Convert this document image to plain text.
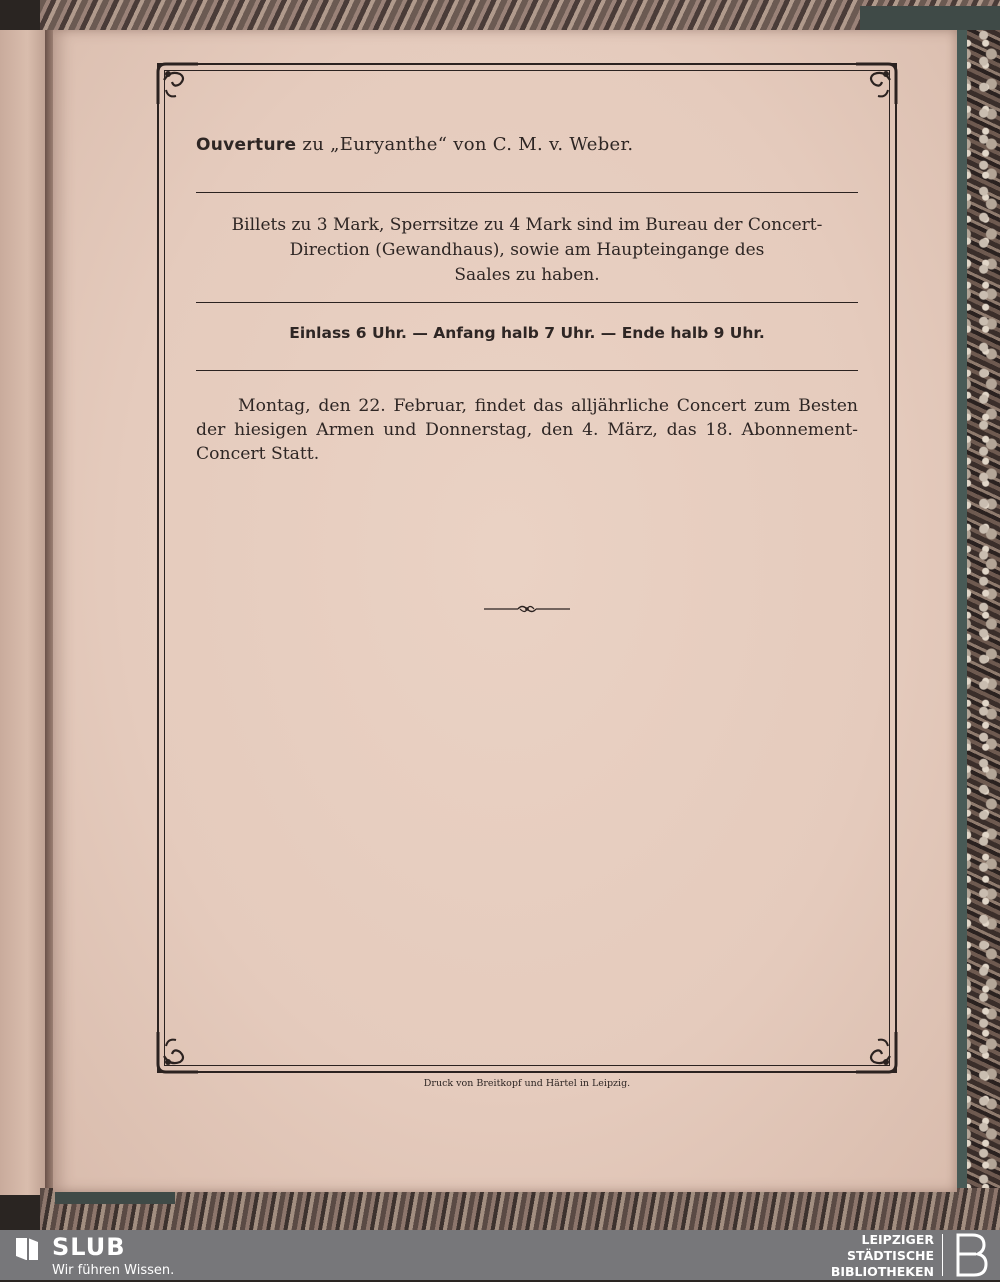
Ouverture zu „Euryanthe“ von C. M. v. Weber.
Billets zu 3 Mark, Sperrsitze zu 4 Mark sind im Bureau der Concert-
Direction (Gewandhaus), sowie am Haupteingange des
Saales zu haben.
Einlass 6 Uhr. — Anfang halb 7 Uhr. — Ende halb 9 Uhr.
Montag, den 22. Februar, findet das alljährliche Concert zum Besten der hiesigen Armen und Donnerstag, den 4. März, das 18. Abonnement-Concert Statt.
Druck von Breitkopf und Härtel in Leipzig.
SLUB
Wir führen Wissen.
LEIPZIGER
STÄDTISCHE
BIBLIOTHEKEN
